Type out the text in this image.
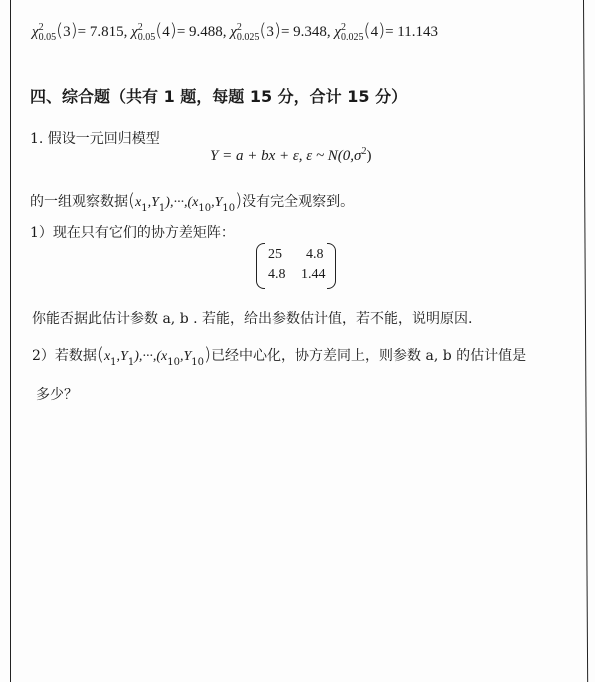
χ 2
0.05 (3)= 7.815, χ 2
0.05 (4)= 9.488, χ 2
0.025 (3)= 9.348, χ 2
0.025 (4)= 11.143
四、综合题（共有 1 题，每题 15 分，合计 15 分）
1. 假设一元回归模型
Y = a + bx + ε, ε ~ $N(0,\sigma^2)$
的一组观察数据$(x_1,Y_1),\cdot\cdot\cdot,(x_{10},Y_{10})$没有完全观察到。
1）现在只有它们的协方差矩阵：
25 4.8
4.8 1.44
你能否据此估计参数 a, b . 若能，给出参数估计值，若不能，说明原因.
2）若数据$(x_1,Y_1),\cdot\cdot\cdot,(x_{10},Y_{10})$已经中心化，协方差同上，则参数 a, b 的估计值是
多少？
